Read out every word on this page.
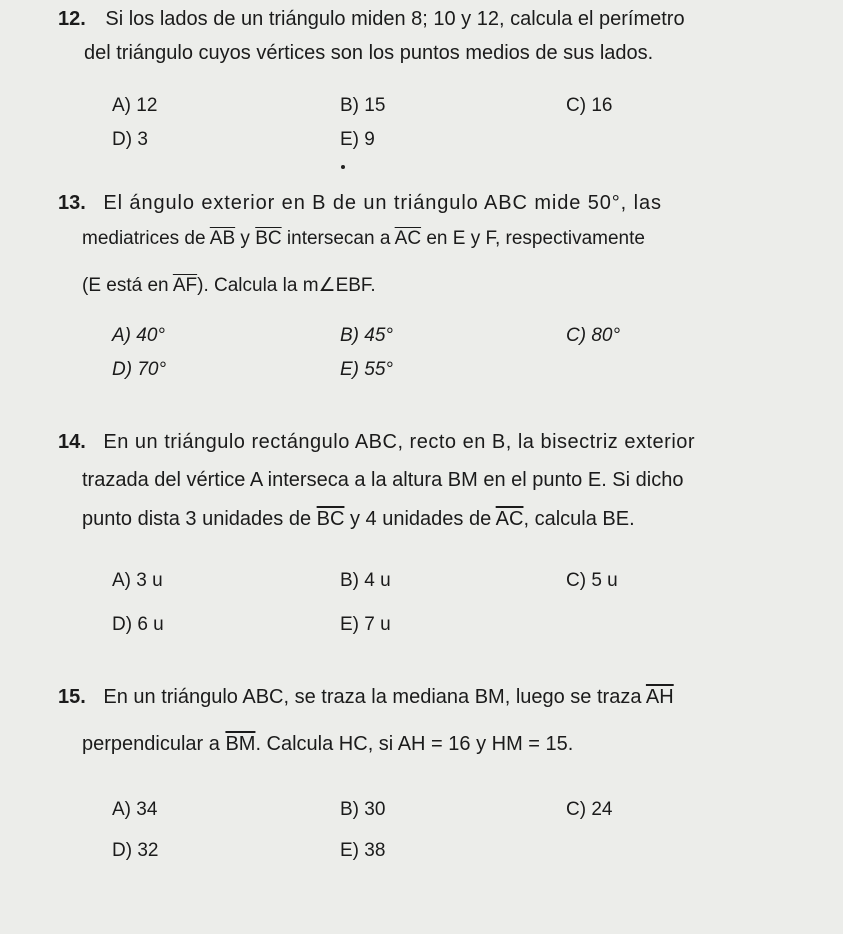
12. Si los lados de un triángulo miden 8; 10 y 12, calcula el perímetro
del triángulo cuyos vértices son los puntos medios de sus lados.
A) 12	B) 15	C) 16
D) 3	E) 9
13. El ángulo exterior en B de un triángulo ABC mide 50°, las
mediatrices de $\overline{AB}$ y $\overline{BC}$ intersecan a $\overline{AC}$ en E y F, respectivamente
(E está en $\overline{AF}$). Calcula la m∠EBF.
A) 40°	B) 45°	C) 80°
D) 70°	E) 55°
14. En un triángulo rectángulo ABC, recto en B, la bisectriz exterior
trazada del vértice A interseca a la altura BM en el punto E. Si dicho
punto dista 3 unidades de $\overline{BC}$ y 4 unidades de $\overline{AC}$, calcula BE.
A) 3 u	B) 4 u	C) 5 u
D) 6 u	E) 7 u
15. En un triángulo ABC, se traza la mediana BM, luego se traza $\overline{AH}$
perpendicular a $\overline{BM}$. Calcula HC, si AH = 16 y HM = 15.
A) 34	B) 30	C) 24
D) 32	E) 38
